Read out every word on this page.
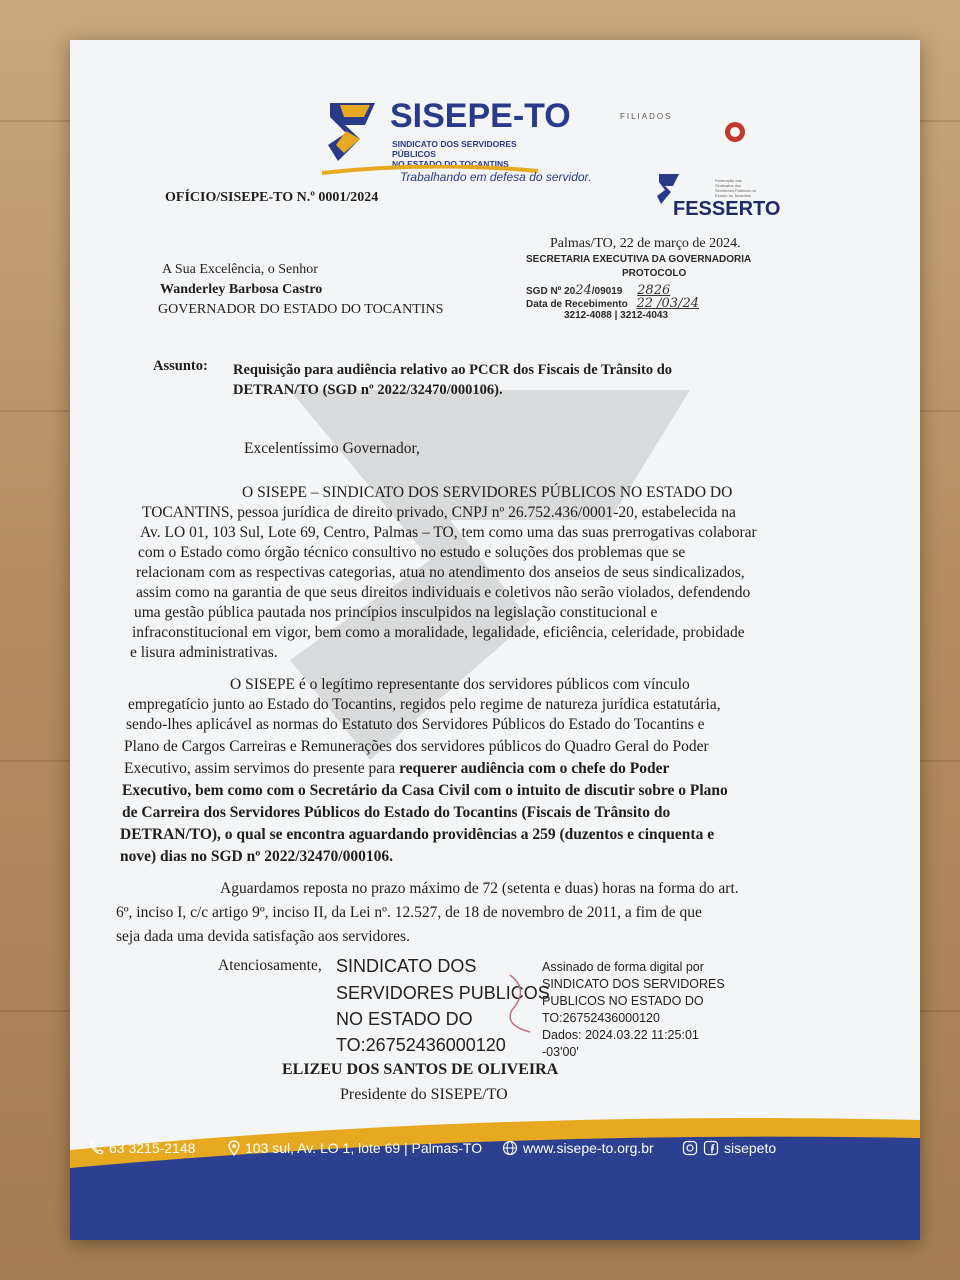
SISEPE-TO
SINDICATO DOS SERVIDORES PÚBLICOS
NO ESTADO DO TOCANTINS
Trabalhando em defesa do servidor.
FILIADOS
Federação dos Sindicatos dos Servidores Públicos no Estado do Tocantins
FESSERTO
OFÍCIO/SISEPE-TO N.º 0001/2024
Palmas/TO, 22 de março de 2024.
SECRETARIA EXECUTIVA DA GOVERNADORIA
PROTOCOLO
SGD Nº 2024/09019 2826
Data de Recebimento 22 /03/24
3212-4088 | 3212-4043
A Sua Excelência, o Senhor
Wanderley Barbosa Castro
GOVERNADOR DO ESTADO DO TOCANTINS
Assunto: Requisição para audiência relativo ao PCCR dos Fiscais de Trânsito do
DETRAN/TO (SGD nº 2022/32470/000106).
Excelentíssimo Governador,
O SISEPE – SINDICATO DOS SERVIDORES PÚBLICOS NO ESTADO DO
TOCANTINS, pessoa jurídica de direito privado, CNPJ nº 26.752.436/0001-20, estabelecida na
Av. LO 01, 103 Sul, Lote 69, Centro, Palmas – TO, tem como uma das suas prerrogativas colaborar
com o Estado como órgão técnico consultivo no estudo e soluções dos problemas que se
relacionam com as respectivas categorias, atua no atendimento dos anseios de seus sindicalizados,
assim como na garantia de que seus direitos individuais e coletivos não serão violados, defendendo
uma gestão pública pautada nos princípios insculpidos na legislação constitucional e
infraconstitucional em vigor, bem como a moralidade, legalidade, eficiência, celeridade, probidade
e lisura administrativas.
O SISEPE é o legítimo representante dos servidores públicos com vínculo
empregatício junto ao Estado do Tocantins, regidos pelo regime de natureza jurídica estatutária,
sendo-lhes aplicável as normas do Estatuto dos Servidores Públicos do Estado do Tocantins e
Plano de Cargos Carreiras e Remunerações dos servidores públicos do Quadro Geral do Poder
Executivo, assim servimos do presente para requerer audiência com o chefe do Poder
Executivo, bem como com o Secretário da Casa Civil com o intuito de discutir sobre o Plano
de Carreira dos Servidores Públicos do Estado do Tocantins (Fiscais de Trânsito do
DETRAN/TO), o qual se encontra aguardando providências a 259 (duzentos e cinquenta e
nove) dias no SGD nº 2022/32470/000106.
Aguardamos reposta no prazo máximo de 72 (setenta e duas) horas na forma do art.
6º, inciso I, c/c artigo 9º, inciso II, da Lei nº. 12.527, de 18 de novembro de 2011, a fim de que
seja dada uma devida satisfação aos servidores.
Atenciosamente, SINDICATO DOS
SERVIDORES PUBLICOS
NO ESTADO DO
TO:26752436000120
Assinado de forma digital por
SINDICATO DOS SERVIDORES
PUBLICOS NO ESTADO DO
TO:26752436000120
Dados: 2024.03.22 11:25:01
-03'00'
ELIZEU DOS SANTOS DE OLIVEIRA
Presidente do SISEPE/TO
63 3215-2148	103 sul, Av. LO 1, lote 69 | Palmas-TO	www.sisepe-to.org.br	sisepeto
